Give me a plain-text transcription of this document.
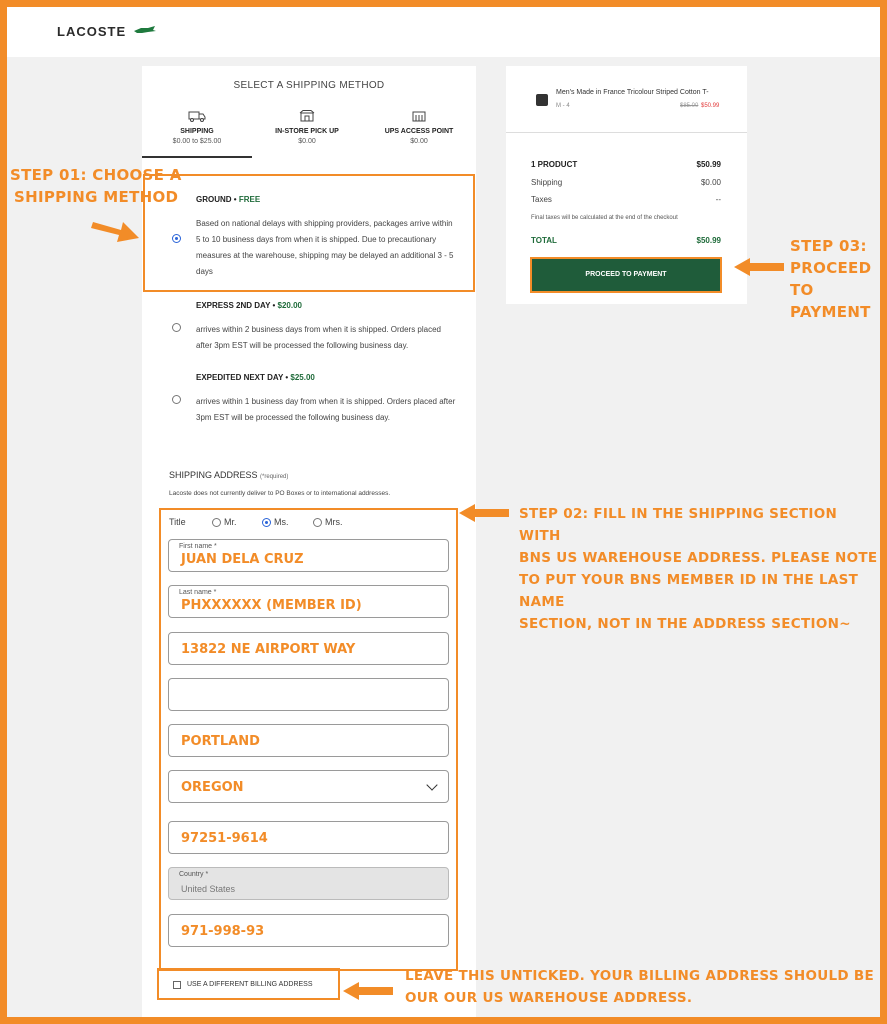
LACOSTE
SELECT A SHIPPING METHOD
SHIPPING
$0.00 to $25.00
IN-STORE PICK UP
$0.00
UPS ACCESS POINT
$0.00
GROUND • FREE
Based on national delays with shipping providers, packages arrive within 5 to 10 business days from when it is shipped. Due to precautionary measures at the warehouse, shipping may be delayed an additional 3 - 5 days
EXPRESS 2ND DAY • $20.00
arrives within 2 business days from when it is shipped. Orders placed after 3pm EST will be processed the following business day.
EXPEDITED NEXT DAY • $25.00
arrives within 1 business day from when it is shipped. Orders placed after 3pm EST will be processed the following business day.
SHIPPING ADDRESS (*required)
Lacoste does not currently deliver to PO Boxes or to international addresses.
Title	Mr.	Ms.	Mrs.
First name *
JUAN DELA CRUZ
Last name *
PHXXXXXX (MEMBER ID)
13822 NE AIRPORT WAY
PORTLAND
OREGON
97251-9614
Country *
United States
971-998-93
USE A DIFFERENT BILLING ADDRESS
Men's Made in France Tricolour Striped Cotton T-
M - 4	$85.00 $50.99
1 PRODUCT	$50.99
Shipping	$0.00
Taxes	--
Final taxes will be calculated at the end of the checkout
TOTAL	$50.99
PROCEED TO PAYMENT
STEP 01: CHOOSE A
SHIPPING METHOD
STEP 02: FILL IN THE SHIPPING SECTION WITH
BNS US WAREHOUSE ADDRESS. PLEASE NOTE
TO PUT YOUR BNS MEMBER ID IN THE LAST NAME
SECTION, NOT IN THE ADDRESS SECTION~
STEP 03:
PROCEED TO
PAYMENT
LEAVE THIS UNTICKED. YOUR BILLING ADDRESS SHOULD BE
OUR OUR US WAREHOUSE ADDRESS.
